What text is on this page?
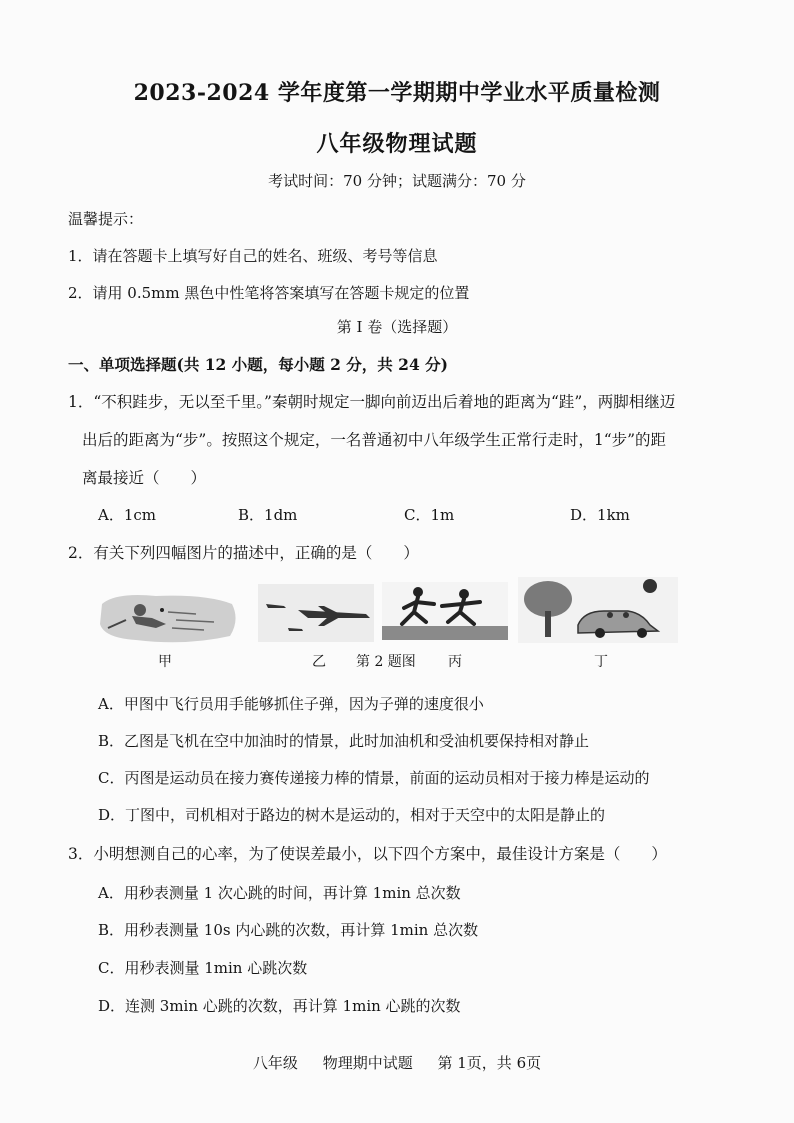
2023-2024 学年度第一学期期中学业水平质量检测
八年级物理试题
考试时间：70 分钟；试题满分：70 分
温馨提示：
1．请在答题卡上填写好自己的姓名、班级、考号等信息
2．请用 0.5mm 黑色中性笔将答案填写在答题卡规定的位置
第 I 卷（选择题）
一、单项选择题(共 12 小题，每小题 2 分，共 24 分)
1．“不积跬步，无以至千里。”秦朝时规定一脚向前迈出后着地的距离为“跬”，两脚相继迈
出后的距离为“步”。按照这个规定，一名普通初中八年级学生正常行走时，1“步”的距
离最接近（　　）
A．1cm	B．1dm	C．1m	D．1km
2．有关下列四幅图片的描述中，正确的是（　　）
甲	乙 第 2 题图 丙	丁
A．甲图中飞行员用手能够抓住子弹，因为子弹的速度很小
B．乙图是飞机在空中加油时的情景，此时加油机和受油机要保持相对静止
C．丙图是运动员在接力赛传递接力棒的情景，前面的运动员相对于接力棒是运动的
D．丁图中，司机相对于路边的树木是运动的，相对于天空中的太阳是静止的
3．小明想测自己的心率，为了使误差最小，以下四个方案中，最佳设计方案是（　　）
A．用秒表测量 1 次心跳的时间，再计算 1min 总次数
B．用秒表测量 10s 内心跳的次数，再计算 1min 总次数
C．用秒表测量 1min 心跳次数
D．连测 3min 心跳的次数，再计算 1min 心跳的次数
八年级 物理期中试题 第 1页，共 6页
